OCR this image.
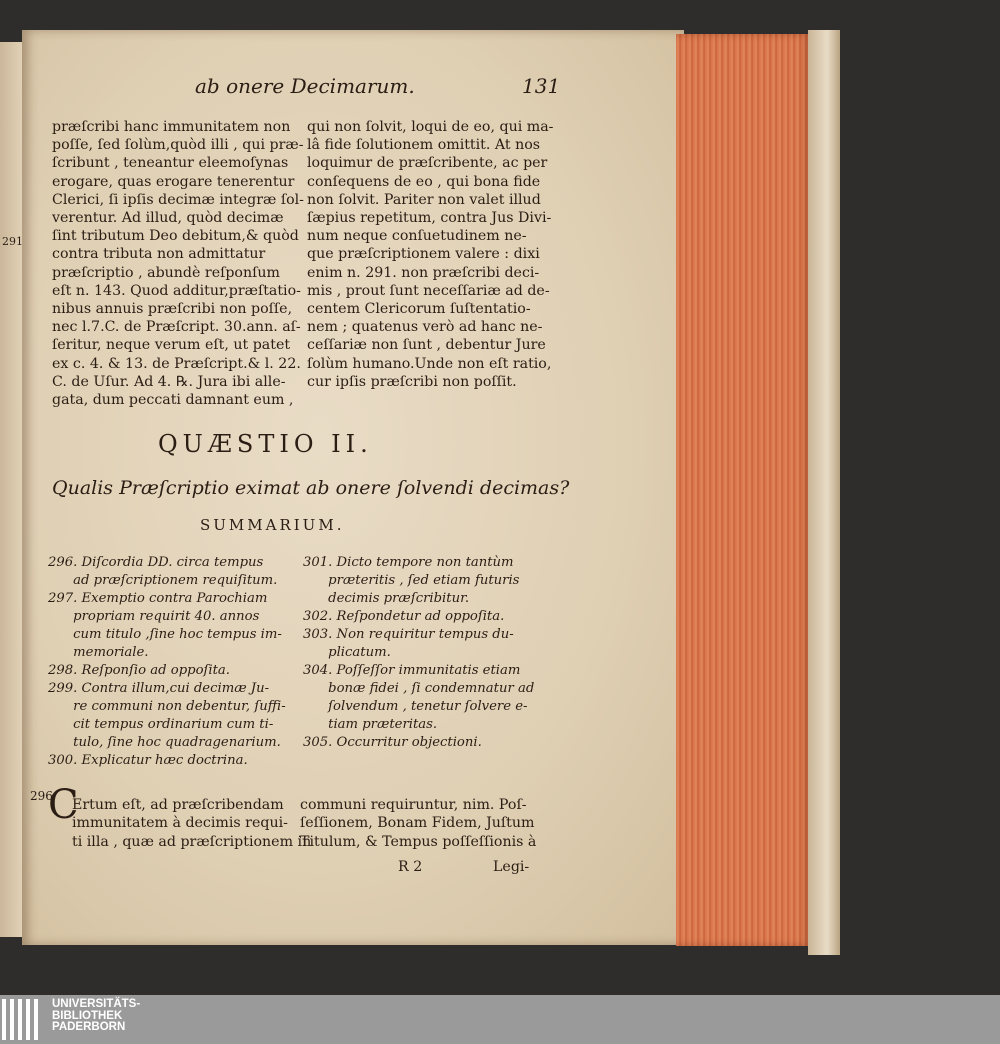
291
ab onere Decimarum.	131
præſcribi hanc immunitatem non
poſſe, ſed ſolùm,quòd illi , qui præ-
ſcribunt , teneantur eleemoſynas
erogare, quas erogare tenerentur
Clerici, ſi ipſis decimæ integræ ſol-
verentur. Ad illud, quòd decimæ
ſint tributum Deo debitum,& quòd
contra tributa non admittatur
præſcriptio , abundè reſponſum
eſt n. 143. Quod additur,præſtatio-
nibus annuis præſcribi non poſſe,
nec l.7.C. de Præſcript. 30.ann. aſ-
ſeritur, neque verum eſt, ut patet
ex c. 4. & 13. de Præſcript.& l. 22.
C. de Uſur. Ad 4. ℞. Jura ibi alle-
gata, dum peccati damnant eum ,
qui non ſolvit, loqui de eo, qui ma-
lâ fide ſolutionem omittit. At nos
loquimur de præſcribente, ac per
conſequens de eo , qui bona fide
non ſolvit. Pariter non valet illud
ſæpius repetitum, contra Jus Divi-
num neque conſuetudinem ne-
que præſcriptionem valere : dixi
enim n. 291. non præſcribi deci-
mis , prout ſunt neceſſariæ ad de-
centem Clericorum ſuſtentatio-
nem ; quatenus verò ad hanc ne-
ceſſariæ non ſunt , debentur Jure
ſolùm humano.Unde non eſt ratio,
cur ipſis præſcribi non poſſit.
QUÆSTIO II.
Qualis Præſcriptio eximat ab onere ſolvendi decimas?
SUMMARIUM.
296. Diſcordia DD. circa tempus
ad præſcriptionem requiſitum.
297. Exemptio contra Parochiam
propriam requirit 40. annos
cum titulo ,ſine hoc tempus im-
memoriale.
298. Reſponſio ad oppoſita.
299. Contra illum,cui decimæ Ju-
re communi non debentur, ſuffi-
cit tempus ordinarium cum ti-
tulo, ſine hoc quadragenarium.
300. Explicatur hæc doctrina.
301. Dicto tempore non tantùm
præteritis , ſed etiam futuris
decimis præſcribitur.
302. Reſpondetur ad oppoſita.
303. Non requiritur tempus du-
plicatum.
304. Poſſeſſor immunitatis etiam
bonæ fidei , ſi condemnatur ad
ſolvendum , tenetur ſolvere e-
tiam præteritas.
305. Occurritur objectioni.
296
C
Ertum eſt, ad præſcribendam
immunitatem à decimis requi-
ti illa , quæ ad præſcriptionem in
communi requiruntur, nim. Poſ-
ſeſſionem, Bonam Fidem, Juſtum
Titulum, & Tempus poſſeſſionis à
R 2	Legi-
UNIVERSITÄTS-
BIBLIOTHEK
PADERBORN
